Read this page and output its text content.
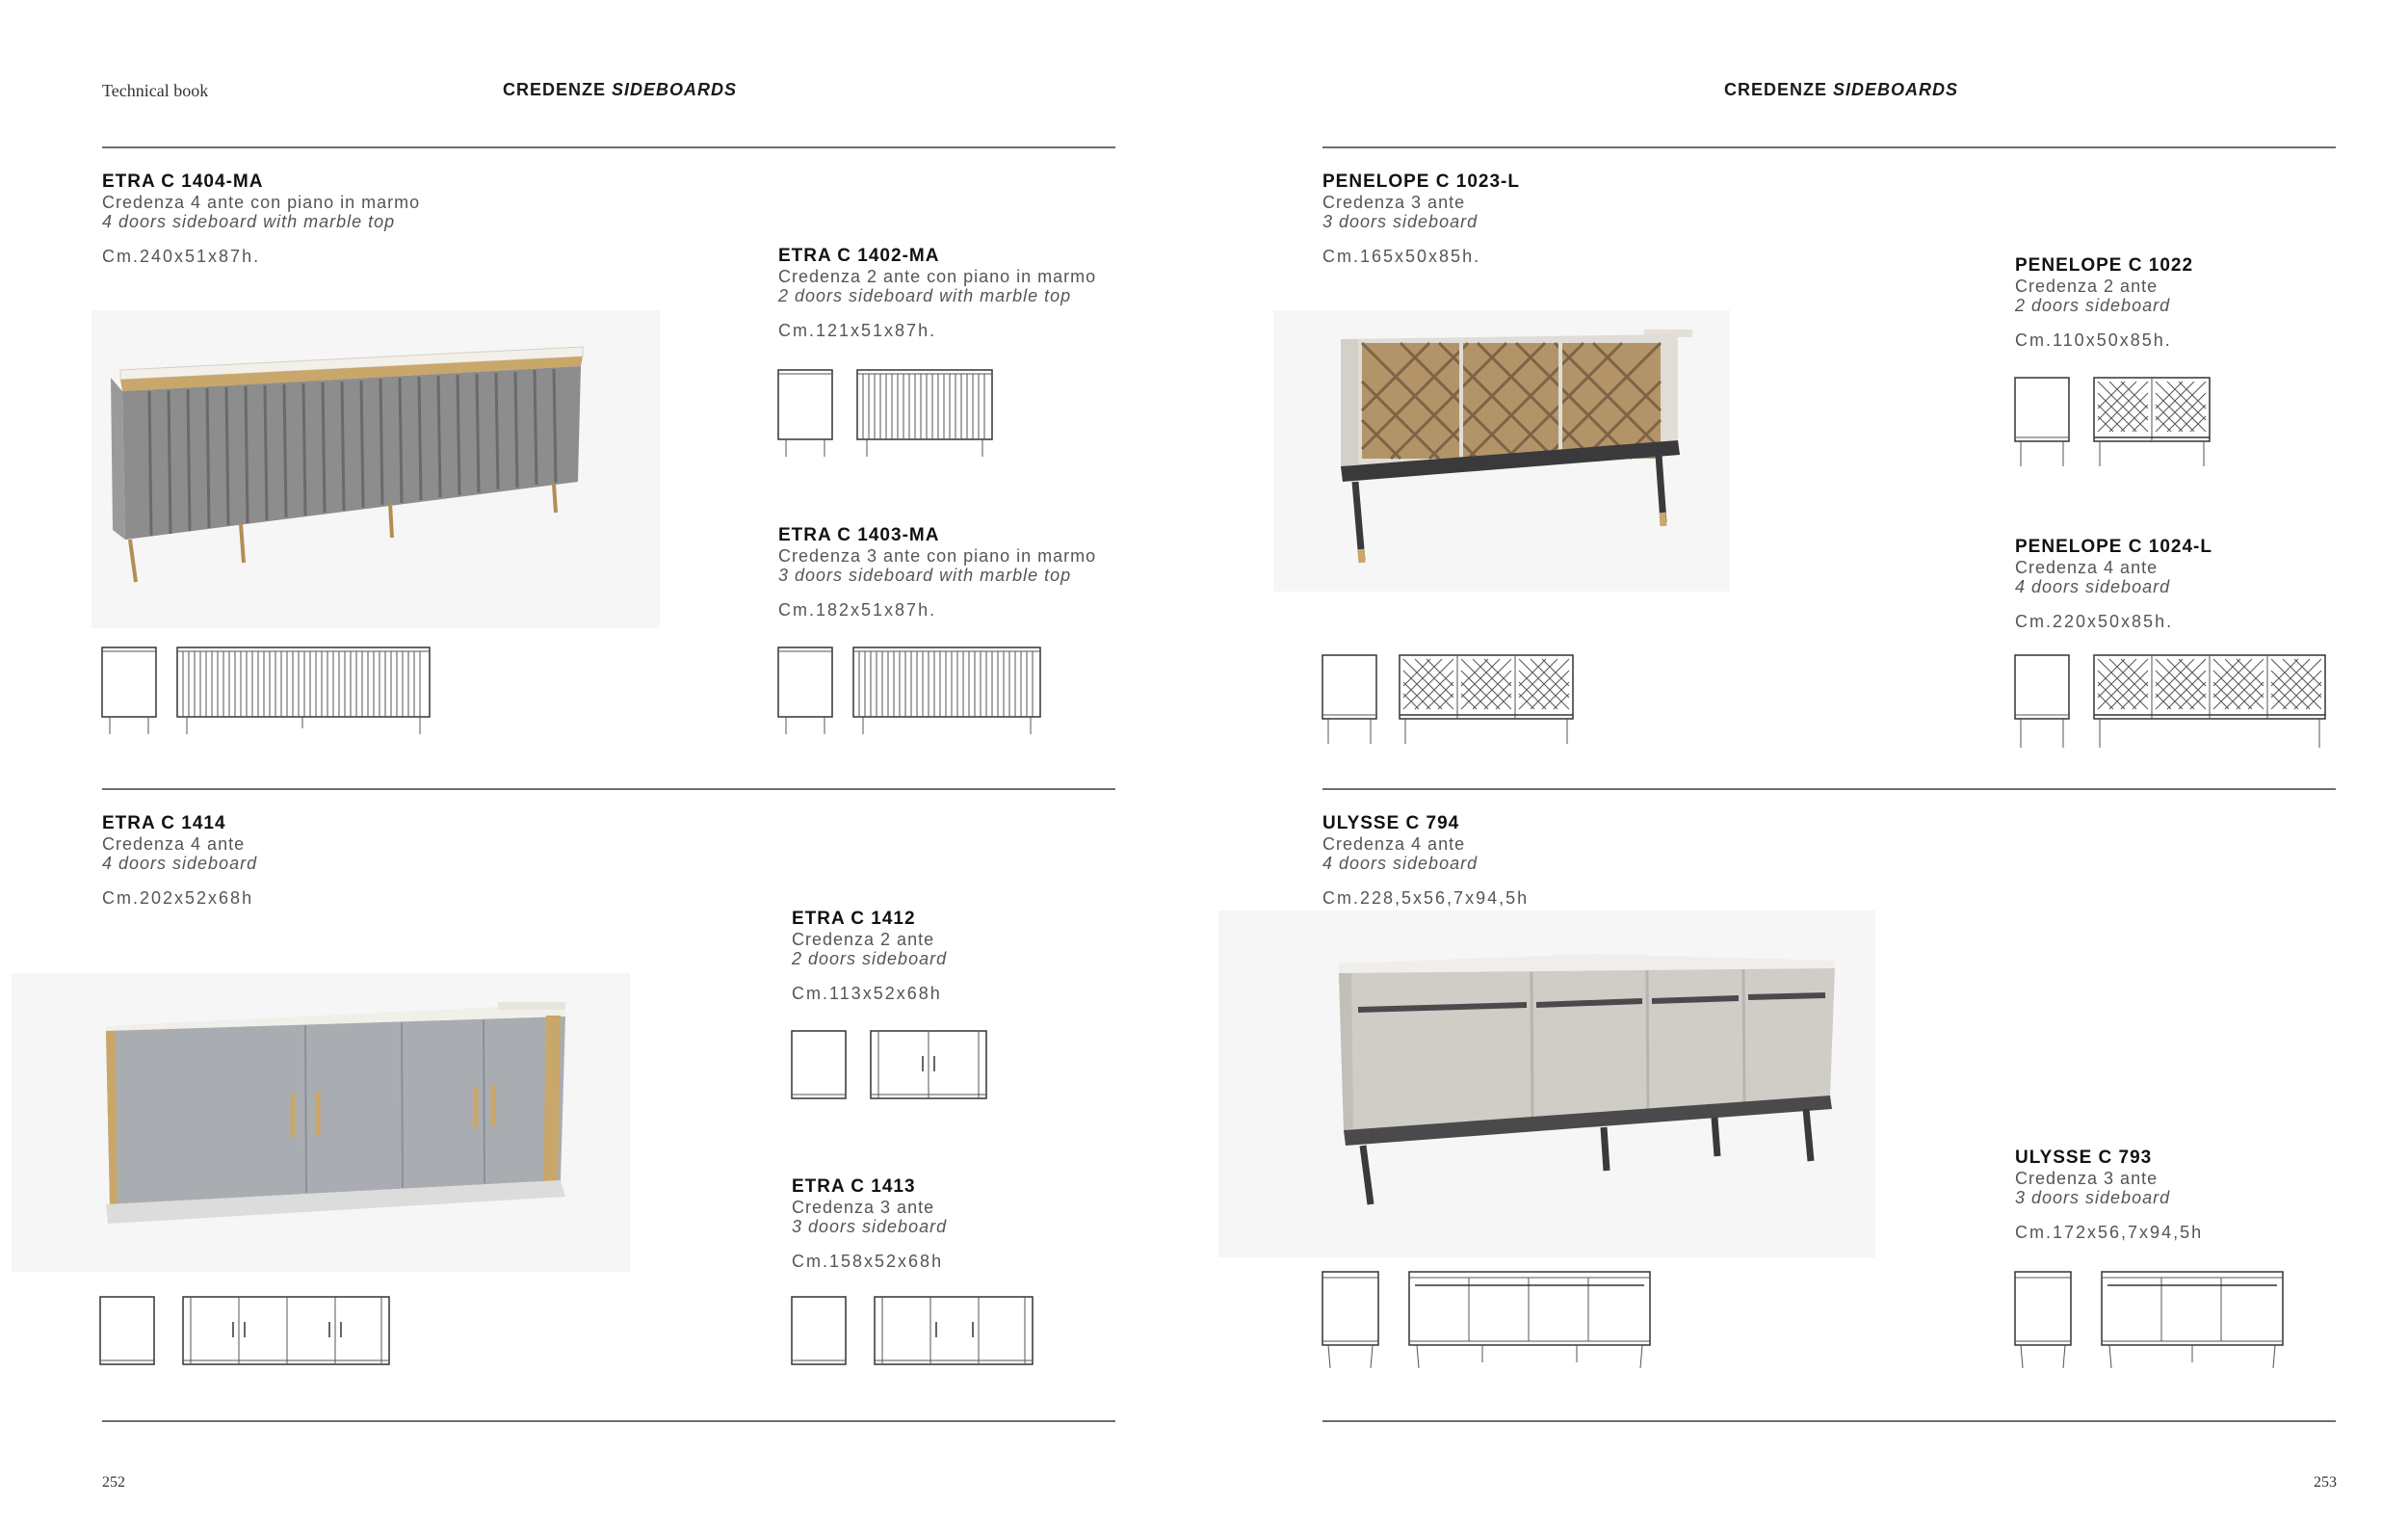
Technical book	CREDENZE SIDEBOARDS	CREDENZE SIDEBOARDS
ETRA C 1404-MA
Credenza 4 ante con piano in marmo
4 doors sideboard with marble top
Cm.240x51x87h.	ETRA C 1402-MA
Credenza 2 ante con piano in marmo
2 doors sideboard with marble top
Cm.121x51x87h.
ETRA C 1403-MA
Credenza 3 ante con piano in marmo
3 doors sideboard with marble top
Cm.182x51x87h.
ETRA C 1414
Credenza 4 ante
4 doors sideboard
Cm.202x52x68h
ETRA C 1412
Credenza 2 ante
2 doors sideboard
Cm.113x52x68h
ETRA C 1413
Credenza 3 ante
3 doors sideboard
Cm.158x52x68h
PENELOPE C 1023-L
Credenza 3 ante
3 doors sideboard
Cm.165x50x85h.	PENELOPE C 1022
Credenza 2 ante
2 doors sideboard
Cm.110x50x85h.
PENELOPE C 1024-L
Credenza 4 ante
4 doors sideboard
Cm.220x50x85h.
ULYSSE C 794
Credenza 4 ante
4 doors sideboard
Cm.228,5x56,7x94,5h
ULYSSE C 793
Credenza 3 ante
3 doors sideboard
Cm.172x56,7x94,5h
252	253
